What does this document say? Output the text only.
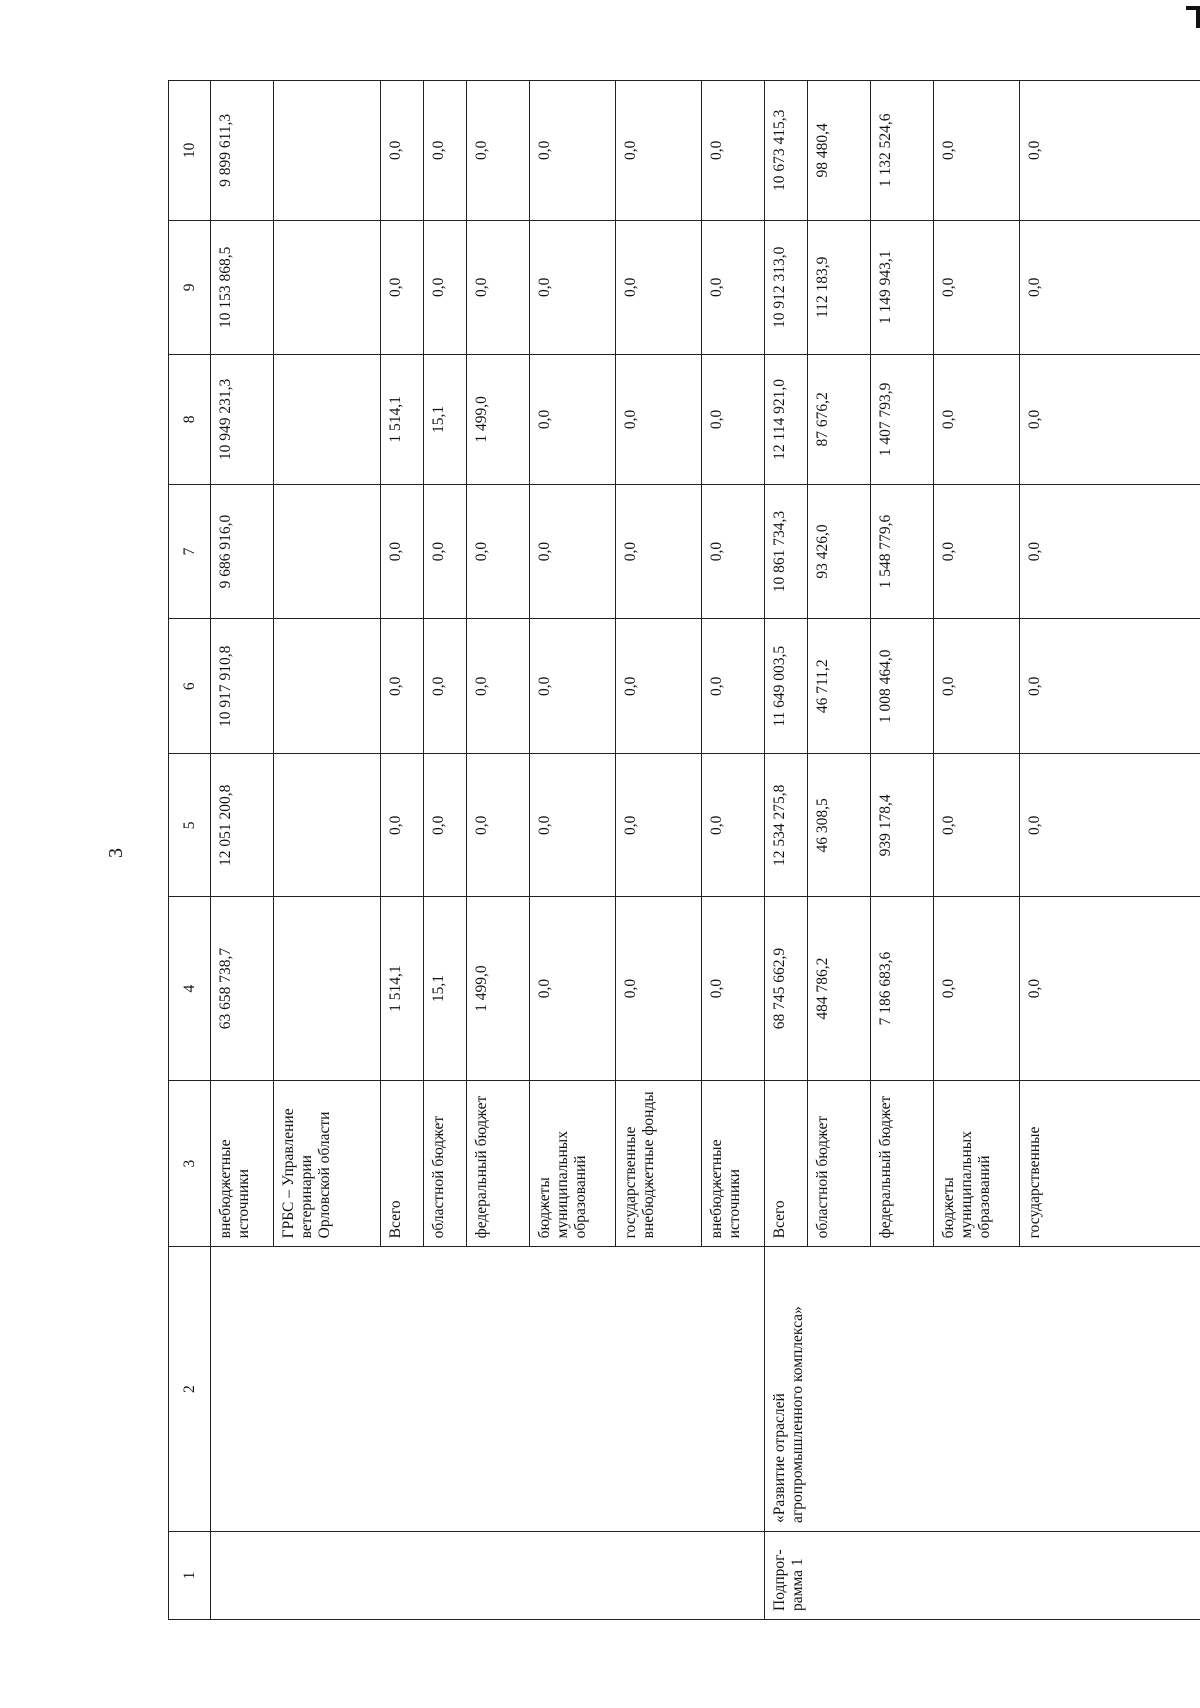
3
1	2	3	4	5	6	7	8	9	10
		внебюджетные источники	63 658 738,7	12 051 200,8	10 917 910,8	9 686 916,0	10 949 231,3	10 153 868,5	9 899 611,3
		ГРБС – Управление ветеринарии Орловской области							
		Всего	1 514,1	0,0	0,0	0,0	1 514,1	0,0	0,0
		областной бюджет	15,1	0,0	0,0	0,0	15,1	0,0	0,0
		федеральный бюджет	1 499,0	0,0	0,0	0,0	1 499,0	0,0	0,0
		бюджеты муниципальных образований	0,0	0,0	0,0	0,0	0,0	0,0	0,0
		государственные внебюджетные фонды	0,0	0,0	0,0	0,0	0,0	0,0	0,0
		внебюджетные источники	0,0	0,0	0,0	0,0	0,0	0,0	0,0
Подпрог-рамма 1	«Развитие отраслей агропромышленного комплекса»	Всего	68 745 662,9	12 534 275,8	11 649 003,5	10 861 734,3	12 114 921,0	10 912 313,0	10 673 415,3
		областной бюджет	484 786,2	46 308,5	46 711,2	93 426,0	87 676,2	112 183,9	98 480,4
		федеральный бюджет	7 186 683,6	939 178,4	1 008 464,0	1 548 779,6	1 407 793,9	1 149 943,1	1 132 524,6
		бюджеты муниципальных образований	0,0	0,0	0,0	0,0	0,0	0,0	0,0
		государственные	0,0	0,0	0,0	0,0	0,0	0,0	0,0
